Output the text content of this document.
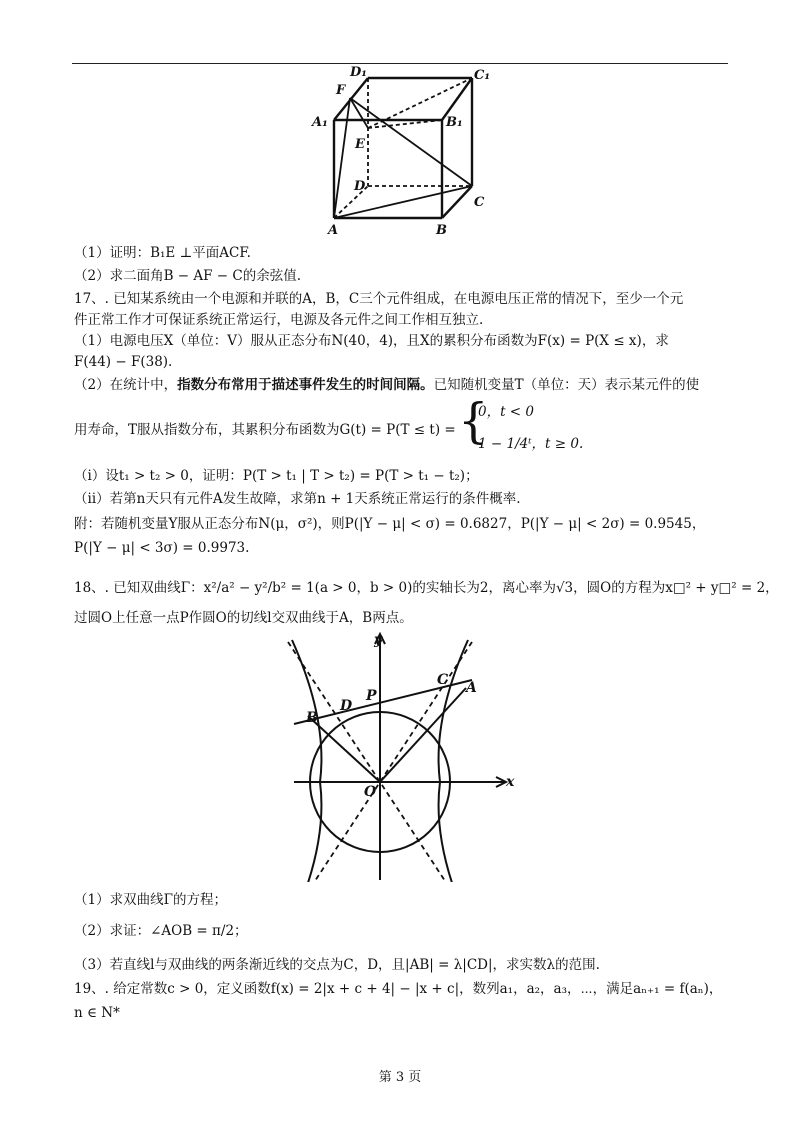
D₁	C₁
F
A₁	B₁
E
D
C
A	B
（1）证明：B₁E ⊥平面ACF.
（2）求二面角B − AF − C的余弦值.
17、. 已知某系统由一个电源和并联的A，B，C三个元件组成，在电源电压正常的情况下，至少一个元
件正常工作才可保证系统正常运行，电源及各元件之间工作相互独立.
（1）电源电压X（单位：V）服从正态分布N(40，4)，且X的累积分布函数为F(x) = P(X ≤ x)，求
F(44) − F(38).
（2）在统计中，指数分布常用于描述事件发生的时间间隔。已知随机变量T（单位：天）表示某元件的使
用寿命，T服从指数分布，其累积分布函数为G(t) = P(T ≤ t) = {
0，t < 0
1 − 1/4ᵗ，t ≥ 0.
（ⅰ）设t₁ > t₂ > 0，证明：P(T > t₁ | T > t₂) = P(T > t₁ − t₂)；
（ⅱ）若第n天只有元件A发生故障，求第n + 1天系统正常运行的条件概率.
附：若随机变量Y服从正态分布N(μ，σ²)，则P(|Y − μ| < σ) = 0.6827，P(|Y − μ| < 2σ) = 0.9545，
P(|Y − μ| < 3σ) = 0.9973.
18、. 已知双曲线Γ：x²/a² − y²/b² = 1(a > 0，b > 0)的实轴长为2，离心率为√3，圆O的方程为x□² + y□² = 2，
过圆O上任意一点P作圆O的切线l交双曲线于A，B两点。
y
x
O
P
C A
B
D
（1）求双曲线Γ的方程；
（2）求证：∠AOB = π/2；
（3）若直线l与双曲线的两条渐近线的交点为C，D，且|AB| = λ|CD|，求实数λ的范围.
19、. 给定常数c > 0，定义函数f(x) = 2|x + c + 4| − |x + c|，数列a₁，a₂，a₃，⋯，满足aₙ₊₁ = f(aₙ)，
n ∈ N*
第 3 页
